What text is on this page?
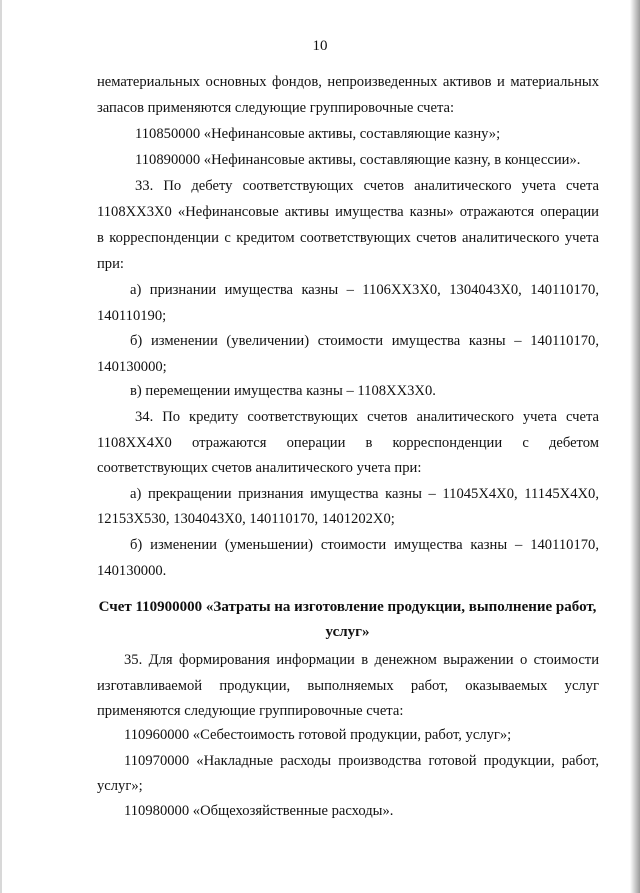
10
нематериальных основных фондов, непроизведенных активов и материальных
запасов применяются следующие группировочные счета:
110850000 «Нефинансовые активы, составляющие казну»;
110890000 «Нефинансовые активы, составляющие казну, в концессии».
33. По дебету соответствующих счетов аналитического учета счета
1108XX3X0 «Нефинансовые активы имущества казны» отражаются операции
в корреспонденции с кредитом соответствующих счетов аналитического учета
при:
а) признании имущества казны – 1106XX3X0, 1304043X0, 140110170,
140110190;
б) изменении (увеличении) стоимости имущества казны – 140110170,
140130000;
в) перемещении имущества казны – 1108XX3X0.
34. По кредиту соответствующих счетов аналитического учета счета
1108XX4X0 отражаются операции в корреспонденции с дебетом
соответствующих счетов аналитического учета при:
а) прекращении признания имущества казны – 11045X4X0, 11145X4X0,
12153X530, 1304043X0, 140110170, 1401202X0;
б) изменении (уменьшении) стоимости имущества казны – 140110170,
140130000.
Счет 110900000 «Затраты на изготовление продукции, выполнение работ,
услуг»
35. Для формирования информации в денежном выражении о стоимости
изготавливаемой продукции, выполняемых работ, оказываемых услуг
применяются следующие группировочные счета:
110960000 «Себестоимость готовой продукции, работ, услуг»;
110970000 «Накладные расходы производства готовой продукции, работ,
услуг»;
110980000 «Общехозяйственные расходы».
